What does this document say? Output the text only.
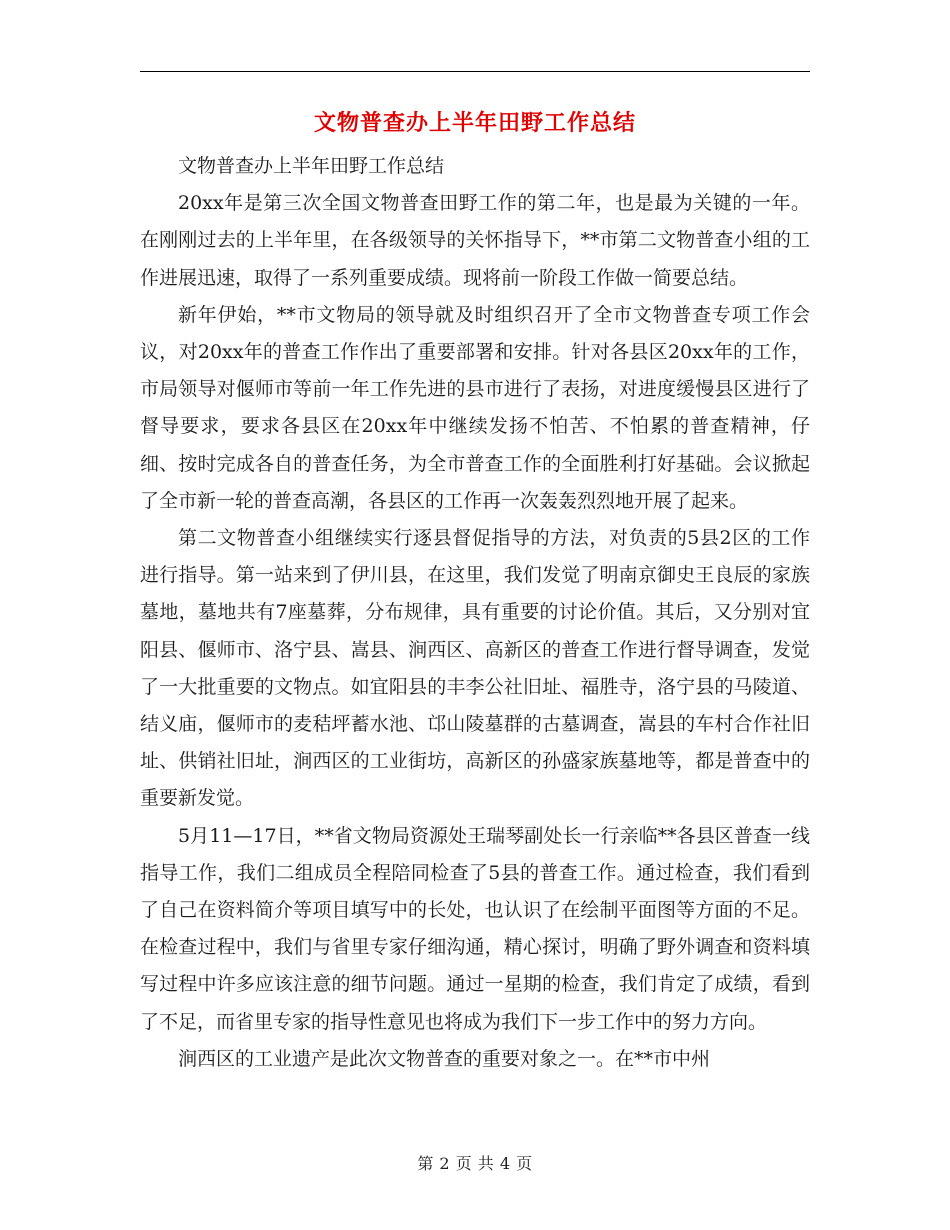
文物普查办上半年田野工作总结

文物普查办上半年田野工作总结

20xx年是第三次全国文物普查田野工作的第二年，也是最为关键的一年。在刚刚过去的上半年里，在各级领导的关怀指导下，**市第二文物普查小组的工作进展迅速，取得了一系列重要成绩。现将前一阶段工作做一简要总结。

新年伊始，**市文物局的领导就及时组织召开了全市文物普查专项工作会议，对20xx年的普查工作作出了重要部署和安排。针对各县区20xx年的工作，市局领导对偃师市等前一年工作先进的县市进行了表扬，对进度缓慢县区进行了督导要求，要求各县区在20xx年中继续发扬不怕苦、不怕累的普查精神，仔细、按时完成各自的普查任务，为全市普查工作的全面胜利打好基础。会议掀起了全市新一轮的普查高潮，各县区的工作再一次轰轰烈烈地开展了起来。

第二文物普查小组继续实行逐县督促指导的方法，对负责的5县2区的工作进行指导。第一站来到了伊川县，在这里，我们发觉了明南京御史王良辰的家族墓地，墓地共有7座墓葬，分布规律，具有重要的讨论价值。其后，又分别对宜阳县、偃师市、洛宁县、嵩县、涧西区、高新区的普查工作进行督导调查，发觉了一大批重要的文物点。如宜阳县的丰李公社旧址、福胜寺，洛宁县的马陵道、结义庙，偃师市的麦秸坪蓄水池、邙山陵墓群的古墓调查，嵩县的车村合作社旧址、供销社旧址，涧西区的工业街坊，高新区的孙盛家族墓地等，都是普查中的重要新发觉。

5月11—17日，**省文物局资源处王瑞琴副处长一行亲临**各县区普查一线指导工作，我们二组成员全程陪同检查了5县的普查工作。通过检查，我们看到了自己在资料简介等项目填写中的长处，也认识了在绘制平面图等方面的不足。在检查过程中，我们与省里专家仔细沟通，精心探讨，明确了野外调查和资料填写过程中许多应该注意的细节问题。通过一星期的检查，我们肯定了成绩，看到了不足，而省里专家的指导性意见也将成为我们下一步工作中的努力方向。

涧西区的工业遗产是此次文物普查的重要对象之一。在**市中州

第 2 页 共 4 页
